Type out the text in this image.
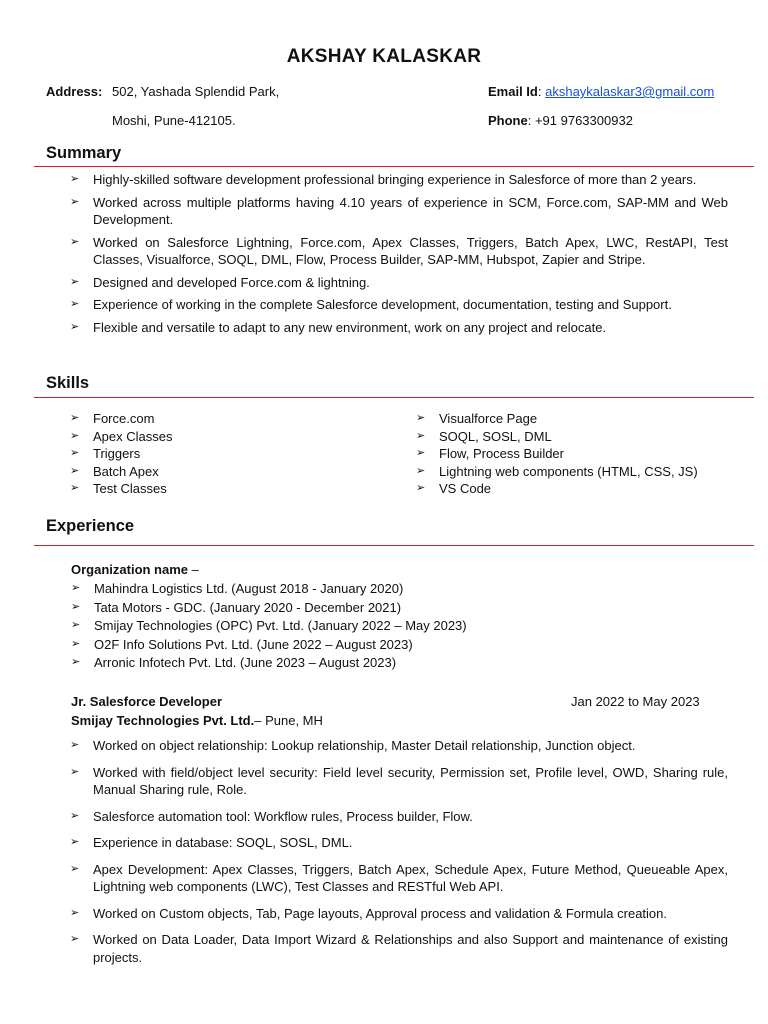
AKSHAY KALASKAR
Address: 502, Yashada Splendid Park,
Moshi, Pune-412105.
Email Id: akshaykalaskar3@gmail.com
Phone: +91 9763300932
Summary
➢ Highly-skilled software development professional bringing experience in Salesforce of more than 2 years.
➢ Worked across multiple platforms having 4.10 years of experience in SCM, Force.com, SAP-MM and Web Development.
➢ Worked on Salesforce Lightning, Force.com, Apex Classes, Triggers, Batch Apex, LWC, RestAPI, Test Classes, Visualforce, SOQL, DML, Flow, Process Builder, SAP-MM, Hubspot, Zapier and Stripe.
➢ Designed and developed Force.com & lightning.
➢ Experience of working in the complete Salesforce development, documentation, testing and Support.
➢ Flexible and versatile to adapt to any new environment, work on any project and relocate.
Skills
➢ Force.com
➢ Apex Classes
➢ Triggers
➢ Batch Apex
➢ Test Classes
➢ Visualforce Page
➢ SOQL, SOSL, DML
➢ Flow, Process Builder
➢ Lightning web components (HTML, CSS, JS)
➢ VS Code
Experience
Organization name –
➢ Mahindra Logistics Ltd. (August 2018 - January 2020)
➢ Tata Motors - GDC. (January 2020 - December 2021)
➢ Smijay Technologies (OPC) Pvt. Ltd. (January 2022 – May 2023)
➢ O2F Info Solutions Pvt. Ltd. (June 2022 – August 2023)
➢ Arronic Infotech Pvt. Ltd. (June 2023 – August 2023)
Jr. Salesforce Developer	Jan 2022 to May 2023
Smijay Technologies Pvt. Ltd.– Pune, MH
➢ Worked on object relationship: Lookup relationship, Master Detail relationship, Junction object.
➢ Worked with field/object level security: Field level security, Permission set, Profile level, OWD, Sharing rule, Manual Sharing rule, Role.
➢ Salesforce automation tool: Workflow rules, Process builder, Flow.
➢ Experience in database: SOQL, SOSL, DML.
➢ Apex Development: Apex Classes, Triggers, Batch Apex, Schedule Apex, Future Method, Queueable Apex, Lightning web components (LWC), Test Classes and RESTful Web API.
➢ Worked on Custom objects, Tab, Page layouts, Approval process and validation & Formula creation.
➢ Worked on Data Loader, Data Import Wizard & Relationships and also Support and maintenance of existing projects.
